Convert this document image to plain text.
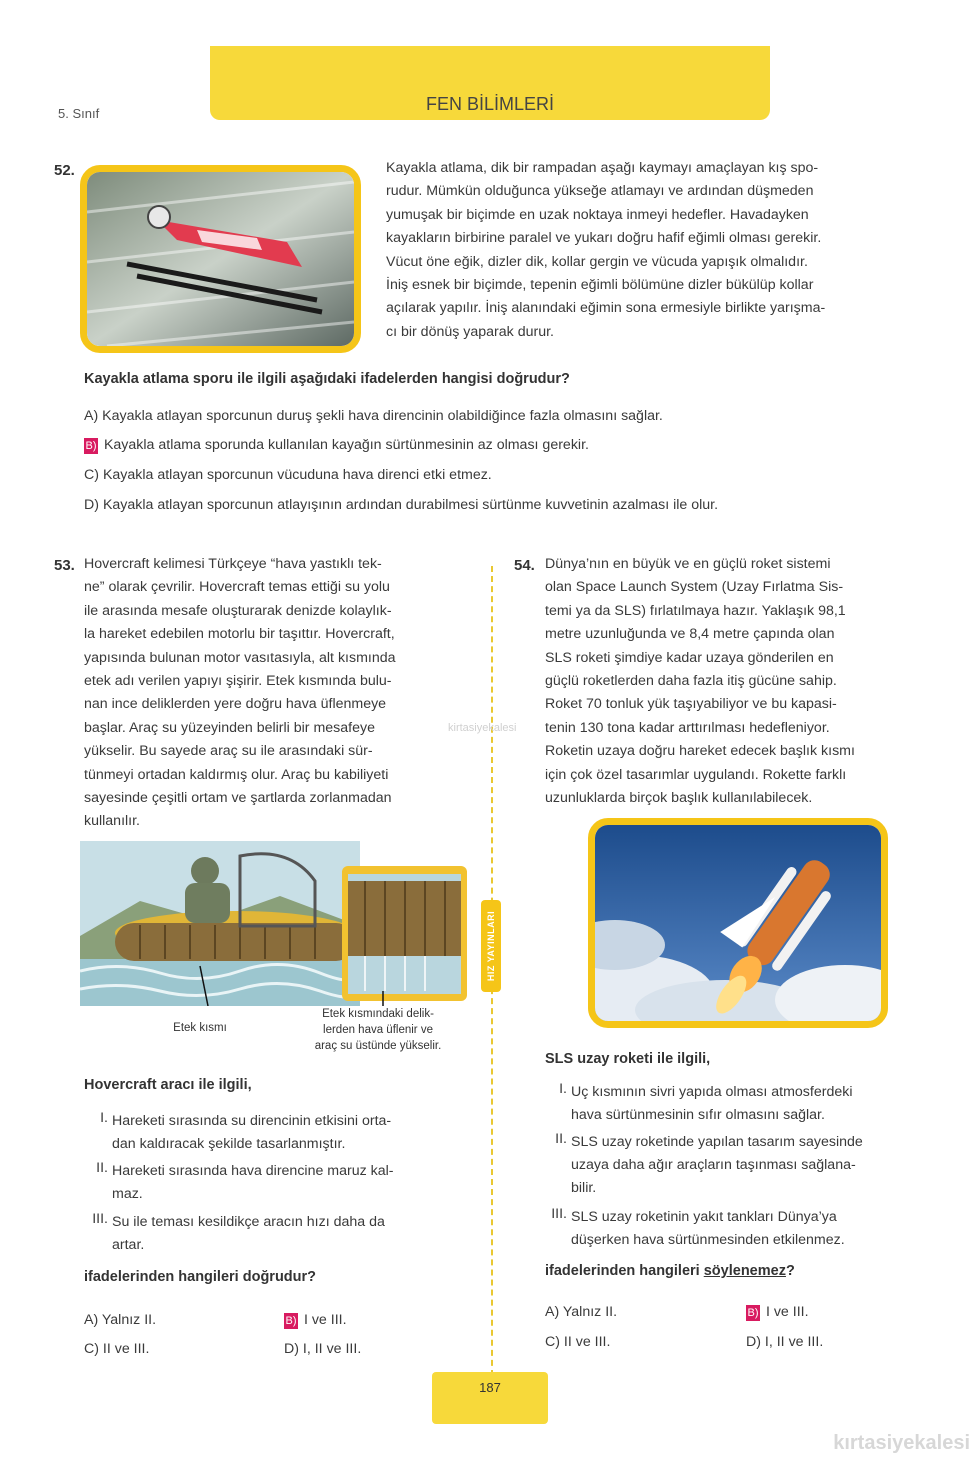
FEN BİLİMLERİ
5. Sınıf
52.	Kayakla atlama, dik bir rampadan aşağı kaymayı amaçlayan kış spo-
rudur. Mümkün olduğunca yükseğe atlamayı ve ardından düşmeden
yumuşak bir biçimde en uzak noktaya inmeyi hedefler. Havadayken
kayakların birbirine paralel ve yukarı doğru hafif eğimli olması gerekir.
Vücut öne eğik, dizler dik, kollar gergin ve vücuda yapışık olmalıdır.
İniş esnek bir biçimde, tepenin eğimli bölümüne dizler bükülüp kollar
açılarak yapılır. İniş alanındaki eğimin sona ermesiyle birlikte yarışma-
cı bir dönüş yaparak durur.
Kayakla atlama sporu ile ilgili aşağıdaki ifadelerden hangisi doğrudur?
A) Kayakla atlayan sporcunun duruş şekli hava direncinin olabildiğince fazla olmasını sağlar.
B) Kayakla atlama sporunda kullanılan kayağın sürtünmesinin az olması gerekir.
C) Kayakla atlayan sporcunun vücuduna hava direnci etki etmez.
D) Kayakla atlayan sporcunun atlayışının ardından durabilmesi sürtünme kuvvetinin azalması ile olur.
HIZ YAYINLARI
kirtasiyekalesi
53. Hovercraft kelimesi Türkçeye “hava yastıklı tek-
ne” olarak çevrilir. Hovercraft temas ettiği su yolu
ile arasında mesafe oluşturarak denizde kolaylık-
la hareket edebilen motorlu bir taşıttır. Hovercraft,
yapısında bulunan motor vasıtasıyla, alt kısmında
etek adı verilen yapıyı şişirir. Etek kısmında bulu-
nan ince deliklerden yere doğru hava üflenmeye
başlar. Araç su yüzeyinden belirli bir mesafeye
yükselir. Bu sayede araç su ile arasındaki sür-
tünmeyi ortadan kaldırmış olur. Araç bu kabiliyeti
sayesinde çeşitli ortam ve şartlarda zorlanmadan
kullanılır.
Etek kısmı
Etek kısmındaki delik-
lerden hava üflenir ve
araç su üstünde yükselir.
Hovercraft aracı ile ilgili,
I. Hareketi sırasında su direncinin etkisini orta-
dan kaldıracak şekilde tasarlanmıştır.
II. Hareketi sırasında hava direncine maruz kal-
maz.
III. Su ile teması kesildikçe aracın hızı daha da
artar.
ifadelerinden hangileri doğrudur?
A) Yalnız II.	B) I ve III.
C) II ve III.	D) I, II ve III.
54. Dünya’nın en büyük ve en güçlü roket sistemi
olan Space Launch System (Uzay Fırlatma Sis-
temi ya da SLS) fırlatılmaya hazır. Yaklaşık 98,1
metre uzunluğunda ve 8,4 metre çapında olan
SLS roketi şimdiye kadar uzaya gönderilen en
güçlü roketlerden daha fazla itiş gücüne sahip.
Roket 70 tonluk yük taşıyabiliyor ve bu kapasi-
tenin 130 tona kadar arttırılması hedefleniyor.
Roketin uzaya doğru hareket edecek başlık kısmı
için çok özel tasarımlar uygulandı. Rokette farklı
uzunluklarda birçok başlık kullanılabilecek.
SLS uzay roketi ile ilgili,
I. Uç kısmının sivri yapıda olması atmosferdeki
hava sürtünmesinin sıfır olmasını sağlar.
II. SLS uzay roketinde yapılan tasarım sayesinde
uzaya daha ağır araçların taşınması sağlana-
bilir.
III. SLS uzay roketinin yakıt tankları Dünya’ya
düşerken hava sürtünmesinden etkilenmez.
ifadelerinden hangileri söylenemez?
A) Yalnız II.	B) I ve III.
C) II ve III.	D) I, II ve III.
187
kırtasiyekalesi
